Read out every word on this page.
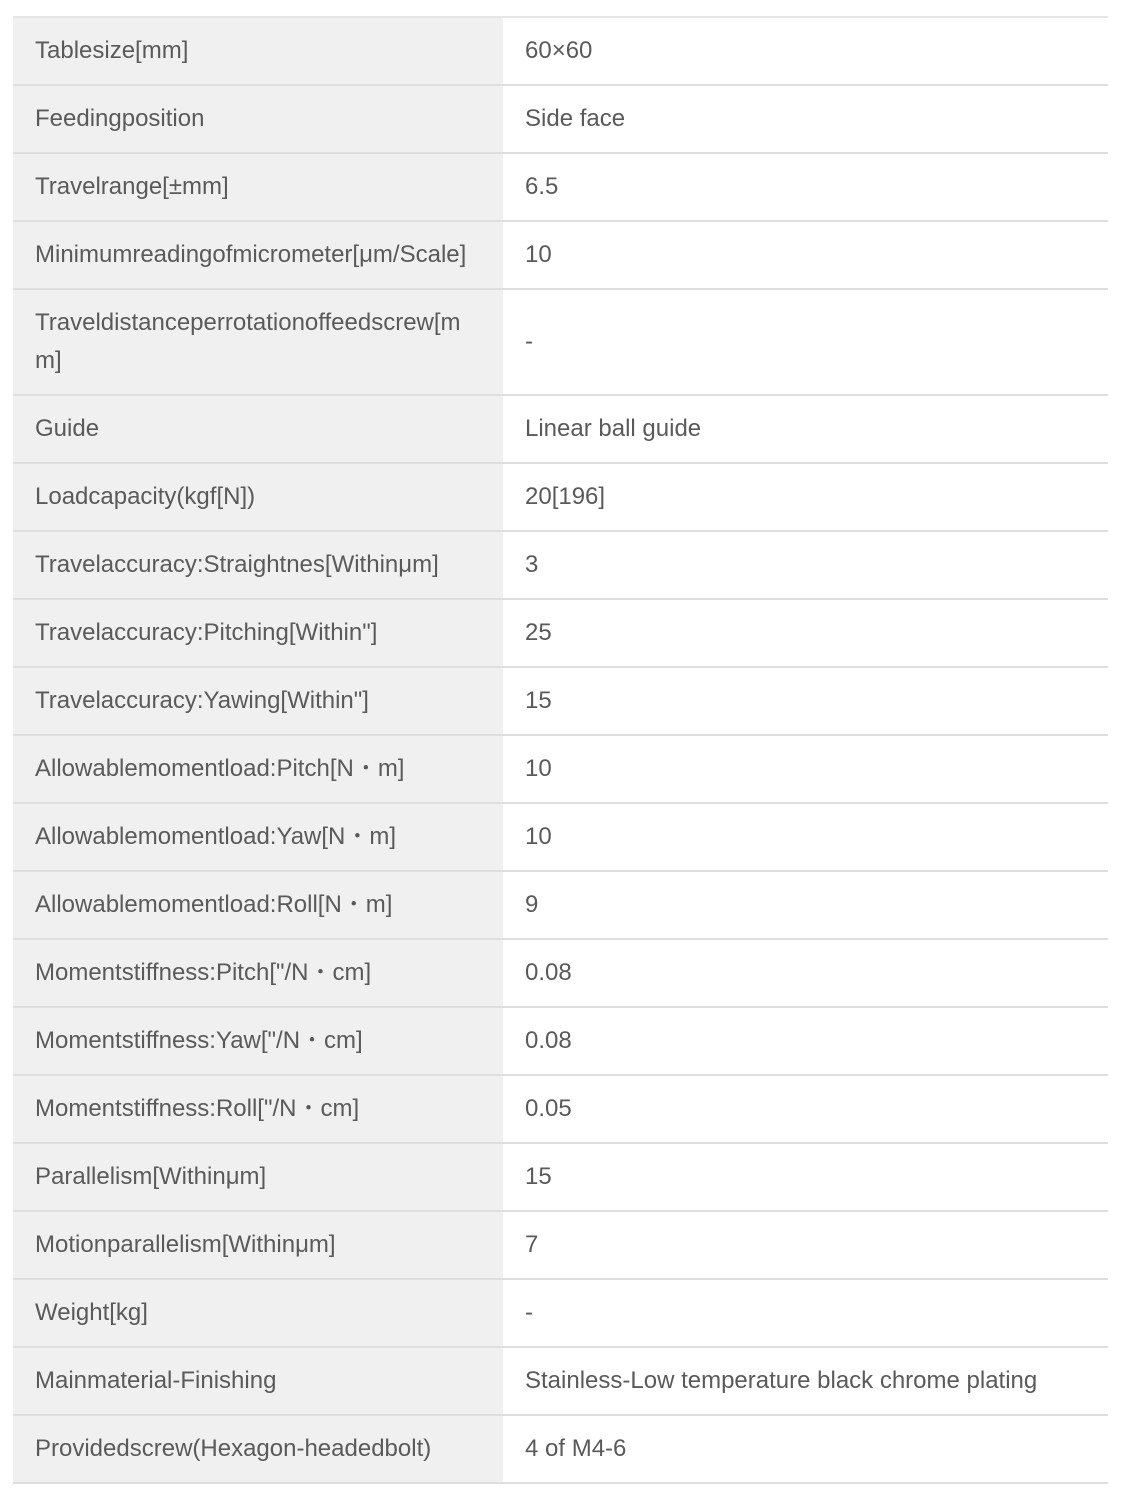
Tablesize[mm]	60×60
Feedingposition	Side face
Travelrange[±mm]	6.5
Minimumreadingofmicrometer[μm/Scale]	10
Traveldistanceperrotationoffeedscrew[mm]	-
Guide	Linear ball guide
Loadcapacity(kgf[N])	20[196]
Travelaccuracy:Straightnes[Withinμm]	3
Travelaccuracy:Pitching[Within"]	25
Travelaccuracy:Yawing[Within"]	15
Allowablemomentload:Pitch[N・m]	10
Allowablemomentload:Yaw[N・m]	10
Allowablemomentload:Roll[N・m]	9
Momentstiffness:Pitch["/N・cm]	0.08
Momentstiffness:Yaw["/N・cm]	0.08
Momentstiffness:Roll["/N・cm]	0.05
Parallelism[Withinμm]	15
Motionparallelism[Withinμm]	7
Weight[kg]	-
Mainmaterial-Finishing	Stainless-Low temperature black chrome plating
Providedscrew(Hexagon-headedbolt)	4 of M4-6
